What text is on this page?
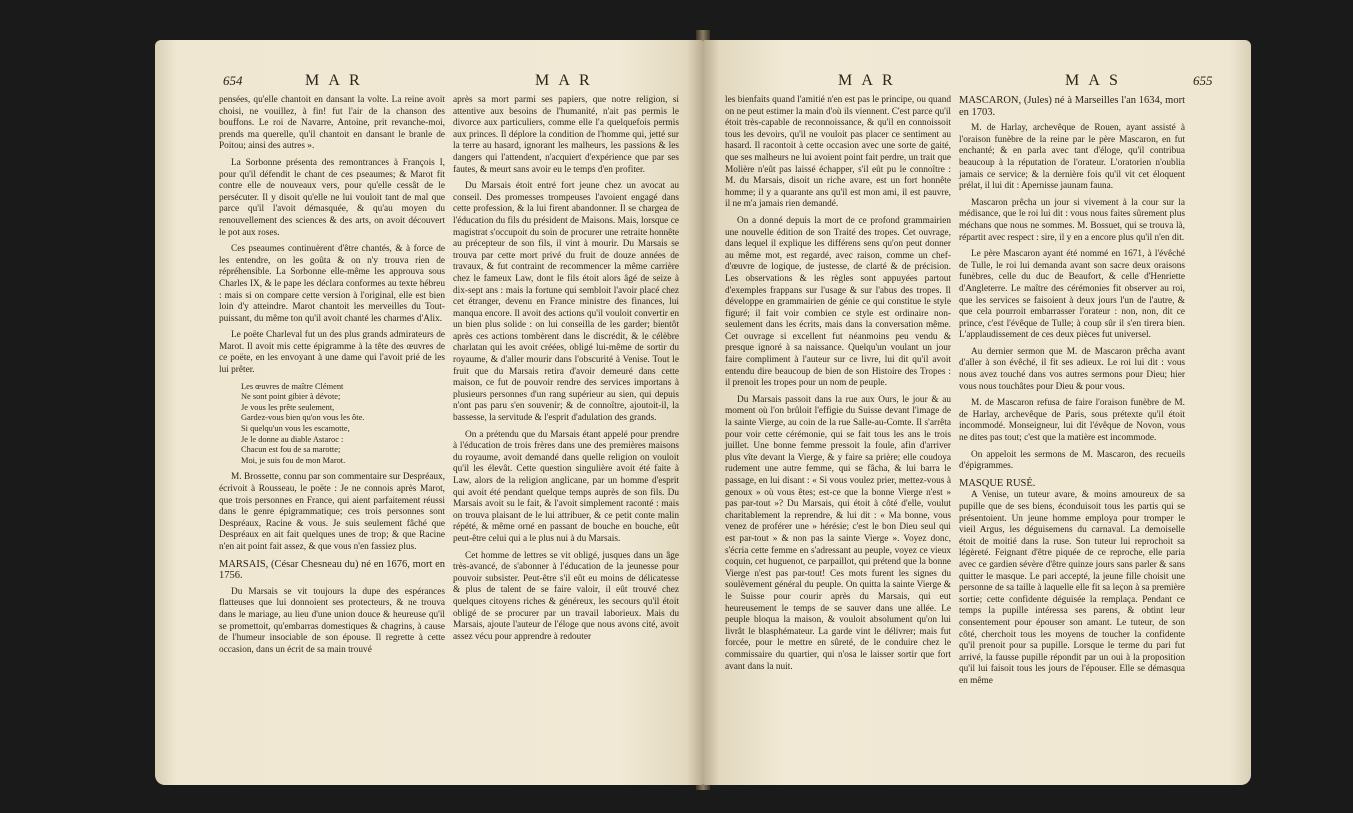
654	M A R	M A R

pensées, qu'elle chantoit en dansant la volte. La reine avoit choisi, ne vouillez, à fin! fut l'air de la chanson des bouffons. Le roi de Navarre, Antoine, prit revanche-moi, prends ma querelle, qu'il chantoit en dansant le branle de Poitou; ainsi des autres ».

La Sorbonne présenta des remontrances à François I, pour qu'il défendit le chant de ces pseaumes; & Marot fit contre elle de nouveaux vers, pour qu'elle cessât de le persécuter. Il y disoit qu'elle ne lui vouloit tant de mal que parce qu'il l'avoit démasquée, & qu'au moyen du renouvellement des sciences & des arts, on avoit découvert le pot aux roses.

Ces pseaumes continuèrent d'être chantés, & à force de les entendre, on les goûta & on n'y trouva rien de répréhensible. La Sorbonne elle-même les approuva sous Charles IX, & le pape les déclara conformes au texte hébreu : mais si on compare cette version à l'original, elle est bien loin d'y atteindre. Marot chantoit les merveilles du Tout-puissant, du même ton qu'il avoit chanté les charmes d'Alix.

Le poëte Charleval fut un des plus grands admirateurs de Marot. Il avoit mis cette épigramme à la tête des œuvres de ce poëte, en les envoyant à une dame qui l'avoit prié de les lui prêter.

Les œuvres de maître Clément
Ne sont point gibier à dévote;
Je vous les prête seulement,
Gardez-vous bien qu'on vous les ôte.
Si quelqu'un vous les escamotte,
Je le donne au diable Astaroc :
Chacun est fou de sa marotte;
Moi, je suis fou de mon Marot.

M. Brossette, connu par son commentaire sur Despréaux, écrivoit à Rousseau, le poëte : Je ne connois après Marot, que trois personnes en France, qui aient parfaitement réussi dans le genre épigrammatique; ces trois personnes sont Despréaux, Racine & vous. Je suis seulement fâché que Despréaux en ait fait quelques unes de trop; & que Racine n'en ait point fait assez, & que vous n'en fassiez plus.

MARSAIS, (César Chesneau du) né en 1676, mort en 1756.

Du Marsais se vit toujours la dupe des espérances flatteuses que lui donnoient ses protecteurs, & ne trouva dans le mariage, au lieu d'une union douce & heureuse qu'il se promettoit, qu'embarras domestiques & chagrins, à cause de l'humeur insociable de son épouse. Il regrette à cette occasion, dans un écrit de sa main trouvé

après sa mort parmi ses papiers, que notre religion, si attentive aux besoins de l'humanité, n'ait pas permis le divorce aux particuliers, comme elle l'a quelquefois permis aux princes. Il déplore la condition de l'homme qui, jetté sur la terre au hasard, ignorant les malheurs, les passions & les dangers qui l'attendent, n'acquiert d'expérience que par ses fautes, & meurt sans avoir eu le temps d'en profiter.

Du Marsais étoit entré fort jeune chez un avocat au conseil. Des promesses trompeuses l'avoient engagé dans cette profession, & la lui firent abandonner. Il se chargea de l'éducation du fils du président de Maisons. Mais, lorsque ce magistrat s'occupoit du soin de procurer une retraite honnête au précepteur de son fils, il vint à mourir. Du Marsais se trouva par cette mort privé du fruit de douze années de travaux, & fut contraint de recommencer la même carrière chez le fameux Law, dont le fils étoit alors âgé de seize à dix-sept ans : mais la fortune qui sembloit l'avoir placé chez cet étranger, devenu en France ministre des finances, lui manqua encore. Il avoit des actions qu'il vouloit convertir en un bien plus solide : on lui conseilla de les garder; bientôt après ces actions tombèrent dans le discrédit, & le célèbre charlatan qui les avoit créées, obligé lui-même de sortir du royaume, & d'aller mourir dans l'obscurité à Venise. Tout le fruit que du Marsais retira d'avoir demeuré dans cette maison, ce fut de pouvoir rendre des services importans à plusieurs personnes d'un rang supérieur au sien, qui depuis n'ont pas paru s'en souvenir; & de connoître, ajoutoit-il, la bassesse, la servitude & l'esprit d'adulation des grands.

On a prétendu que du Marsais étant appelé pour prendre à l'éducation de trois frères dans une des premières maisons du royaume, avoit demandé dans quelle religion on vouloit qu'il les élevât. Cette question singulière avoit été faite à Law, alors de la religion anglicane, par un homme d'esprit qui avoit été pendant quelque temps auprès de son fils. Du Marsais avoit su le fait, & l'avoit simplement raconté : mais on trouva plaisant de le lui attribuer, & ce petit conte malin répété, & même orné en passant de bouche en bouche, eût peut-être celui qui a le plus nui à du Marsais.

Cet homme de lettres se vit obligé, jusques dans un âge très-avancé, de s'abonner à l'éducation de la jeunesse pour pouvoir subsister. Peut-être s'il eût eu moins de délicatesse & plus de talent de se faire valoir, il eût trouvé chez quelques citoyens riches & généreux, les secours qu'il étoit obligé de se procurer par un travail laborieux. Mais du Marsais, ajoute l'auteur de l'éloge que nous avons cité, avoit assez vécu pour apprendre à redouter

M A R	M A S	655

les bienfaits quand l'amitié n'en est pas le principe, ou quand on ne peut estimer la main d'où ils viennent. C'est parce qu'il étoit très-capable de reconnoissance, & qu'il en connoissoit tous les devoirs, qu'il ne vouloit pas placer ce sentiment au hasard. Il racontoit à cette occasion avec une sorte de gaité, que ses malheurs ne lui avoient point fait perdre, un trait que Molière n'eût pas laissé échapper, s'il eût pu le connoître : M. du Marsais, disoit un riche avare, est un fort honnête homme; il y a quarante ans qu'il est mon ami, il est pauvre, il ne m'a jamais rien demandé.

On a donné depuis la mort de ce profond grammairien une nouvelle édition de son Traité des tropes. Cet ouvrage, dans lequel il explique les différens sens qu'on peut donner au même mot, est regardé, avec raison, comme un chef-d'œuvre de logique, de justesse, de clarté & de précision. Les observations & les règles sont appuyées partout d'exemples frappans sur l'usage & sur l'abus des tropes. Il développe en grammairien de génie ce qui constitue le style figuré; il fait voir combien ce style est ordinaire non-seulement dans les écrits, mais dans la conversation même. Cet ouvrage si excellent fut néanmoins peu vendu & presque ignoré à sa naissance. Quelqu'un voulant un jour faire compliment à l'auteur sur ce livre, lui dit qu'il avoit entendu dire beaucoup de bien de son Histoire des Tropes : il prenoit les tropes pour un nom de peuple.

Du Marsais passoit dans la rue aux Ours, le jour & au moment où l'on brûloit l'effigie du Suisse devant l'image de la sainte Vierge, au coin de la rue Salle-au-Comte. Il s'arrêta pour voir cette cérémonie, qui se fait tous les ans le trois juillet. Une bonne femme pressoit la foule, afin d'arriver plus vîte devant la Vierge, & y faire sa prière; elle coudoya rudement une autre femme, qui se fâcha, & lui barra le passage, en lui disant : « Si vous voulez prier, mettez-vous à genoux » où vous êtes; est-ce que la bonne Vierge n'est » pas par-tout »? Du Marsais, qui étoit à côté d'elle, voulut charitablement la reprendre, & lui dit : « Ma bonne, vous venez de proférer une » hérésie; c'est le bon Dieu seul qui est par-tout » & non pas la sainte Vierge ». Voyez donc, s'écria cette femme en s'adressant au peuple, voyez ce vieux coquin, cet huguenot, ce parpaillot, qui prétend que la bonne Vierge n'est pas par-tout! Ces mots furent les signes du soulèvement général du peuple. On quitta la sainte Vierge & le Suisse pour courir après du Marsais, qui eut heureusement le temps de se sauver dans une allée. Le peuple bloqua la maison, & vouloit absolument qu'on lui livrât le blasphémateur. La garde vint le délivrer; mais fut forcée, pour le mettre en sûreté, de le conduire chez le commissaire du quartier, qui n'osa le laisser sortir que fort avant dans la nuit.

MASCARON, (Jules) né à Marseilles l'an 1634, mort en 1703.

M. de Harlay, archevêque de Rouen, ayant assisté à l'oraison funèbre de la reine par le père Mascaron, en fut enchanté; & en parla avec tant d'éloge, qu'il contribua beaucoup à la réputation de l'orateur. L'oratorien n'oublia jamais ce service; & la dernière fois qu'il vit cet éloquent prélat, il lui dit : Apernisse jaunam fauna.

Mascaron prêcha un jour si vivement à la cour sur la médisance, que le roi lui dit : vous nous faites sûrement plus méchans que nous ne sommes. M. Bossuet, qui se trouva là, répartit avec respect : sire, il y en a encore plus qu'il n'en dit.

Le père Mascaron ayant été nommé en 1671, à l'évêché de Tulle, le roi lui demanda avant son sacre deux oraisons funèbres, celle du duc de Beaufort, & celle d'Henriette d'Angleterre. Le maître des cérémonies fit observer au roi, que les services se faisoient à deux jours l'un de l'autre, & que cela pourroit embarrasser l'orateur : non, non, dit ce prince, c'est l'évêque de Tulle; à coup sûr il s'en tirera bien. L'applaudissement de ces deux pièces fut universel.

Au dernier sermon que M. de Mascaron prêcha avant d'aller à son évêché, il fit ses adieux. Le roi lui dit : vous nous avez touché dans vos autres sermons pour Dieu; hier vous nous touchâtes pour Dieu & pour vous.

M. de Mascaron refusa de faire l'oraison funèbre de M. de Harlay, archevêque de Paris, sous prétexte qu'il étoit incommodé. Monseigneur, lui dit l'évêque de Novon, vous ne dites pas tout; c'est que la matière est incommode.

On appeloit les sermons de M. Mascaron, des recueils d'épigrammes.

MASQUE RUSÉ.

A Venise, un tuteur avare, & moins amoureux de sa pupille que de ses biens, éconduisoit tous les partis qui se présentoient. Un jeune homme employa pour tromper le vieil Argus, les déguisemens du carnaval. La demoiselle étoit de moitié dans la ruse. Son tuteur lui reprochoit sa légèreté. Feignant d'être piquée de ce reproche, elle paria avec ce gardien sévère d'être quinze jours sans parler & sans quitter le masque. Le pari accepté, la jeune fille choisit une personne de sa taille à laquelle elle fit sa leçon à sa première sortie; cette confidente déguisée la remplaça. Pendant ce temps la pupille intéressa ses parens, & obtint leur consentement pour épouser son amant. Le tuteur, de son côté, cherchoit tous les moyens de toucher la confidente qu'il prenoit pour sa pupille. Lorsque le terme du pari fut arrivé, la fausse pupille répondit par un oui à la proposition qu'il lui faisoit tous les jours de l'épouser. Elle se démasqua en même
